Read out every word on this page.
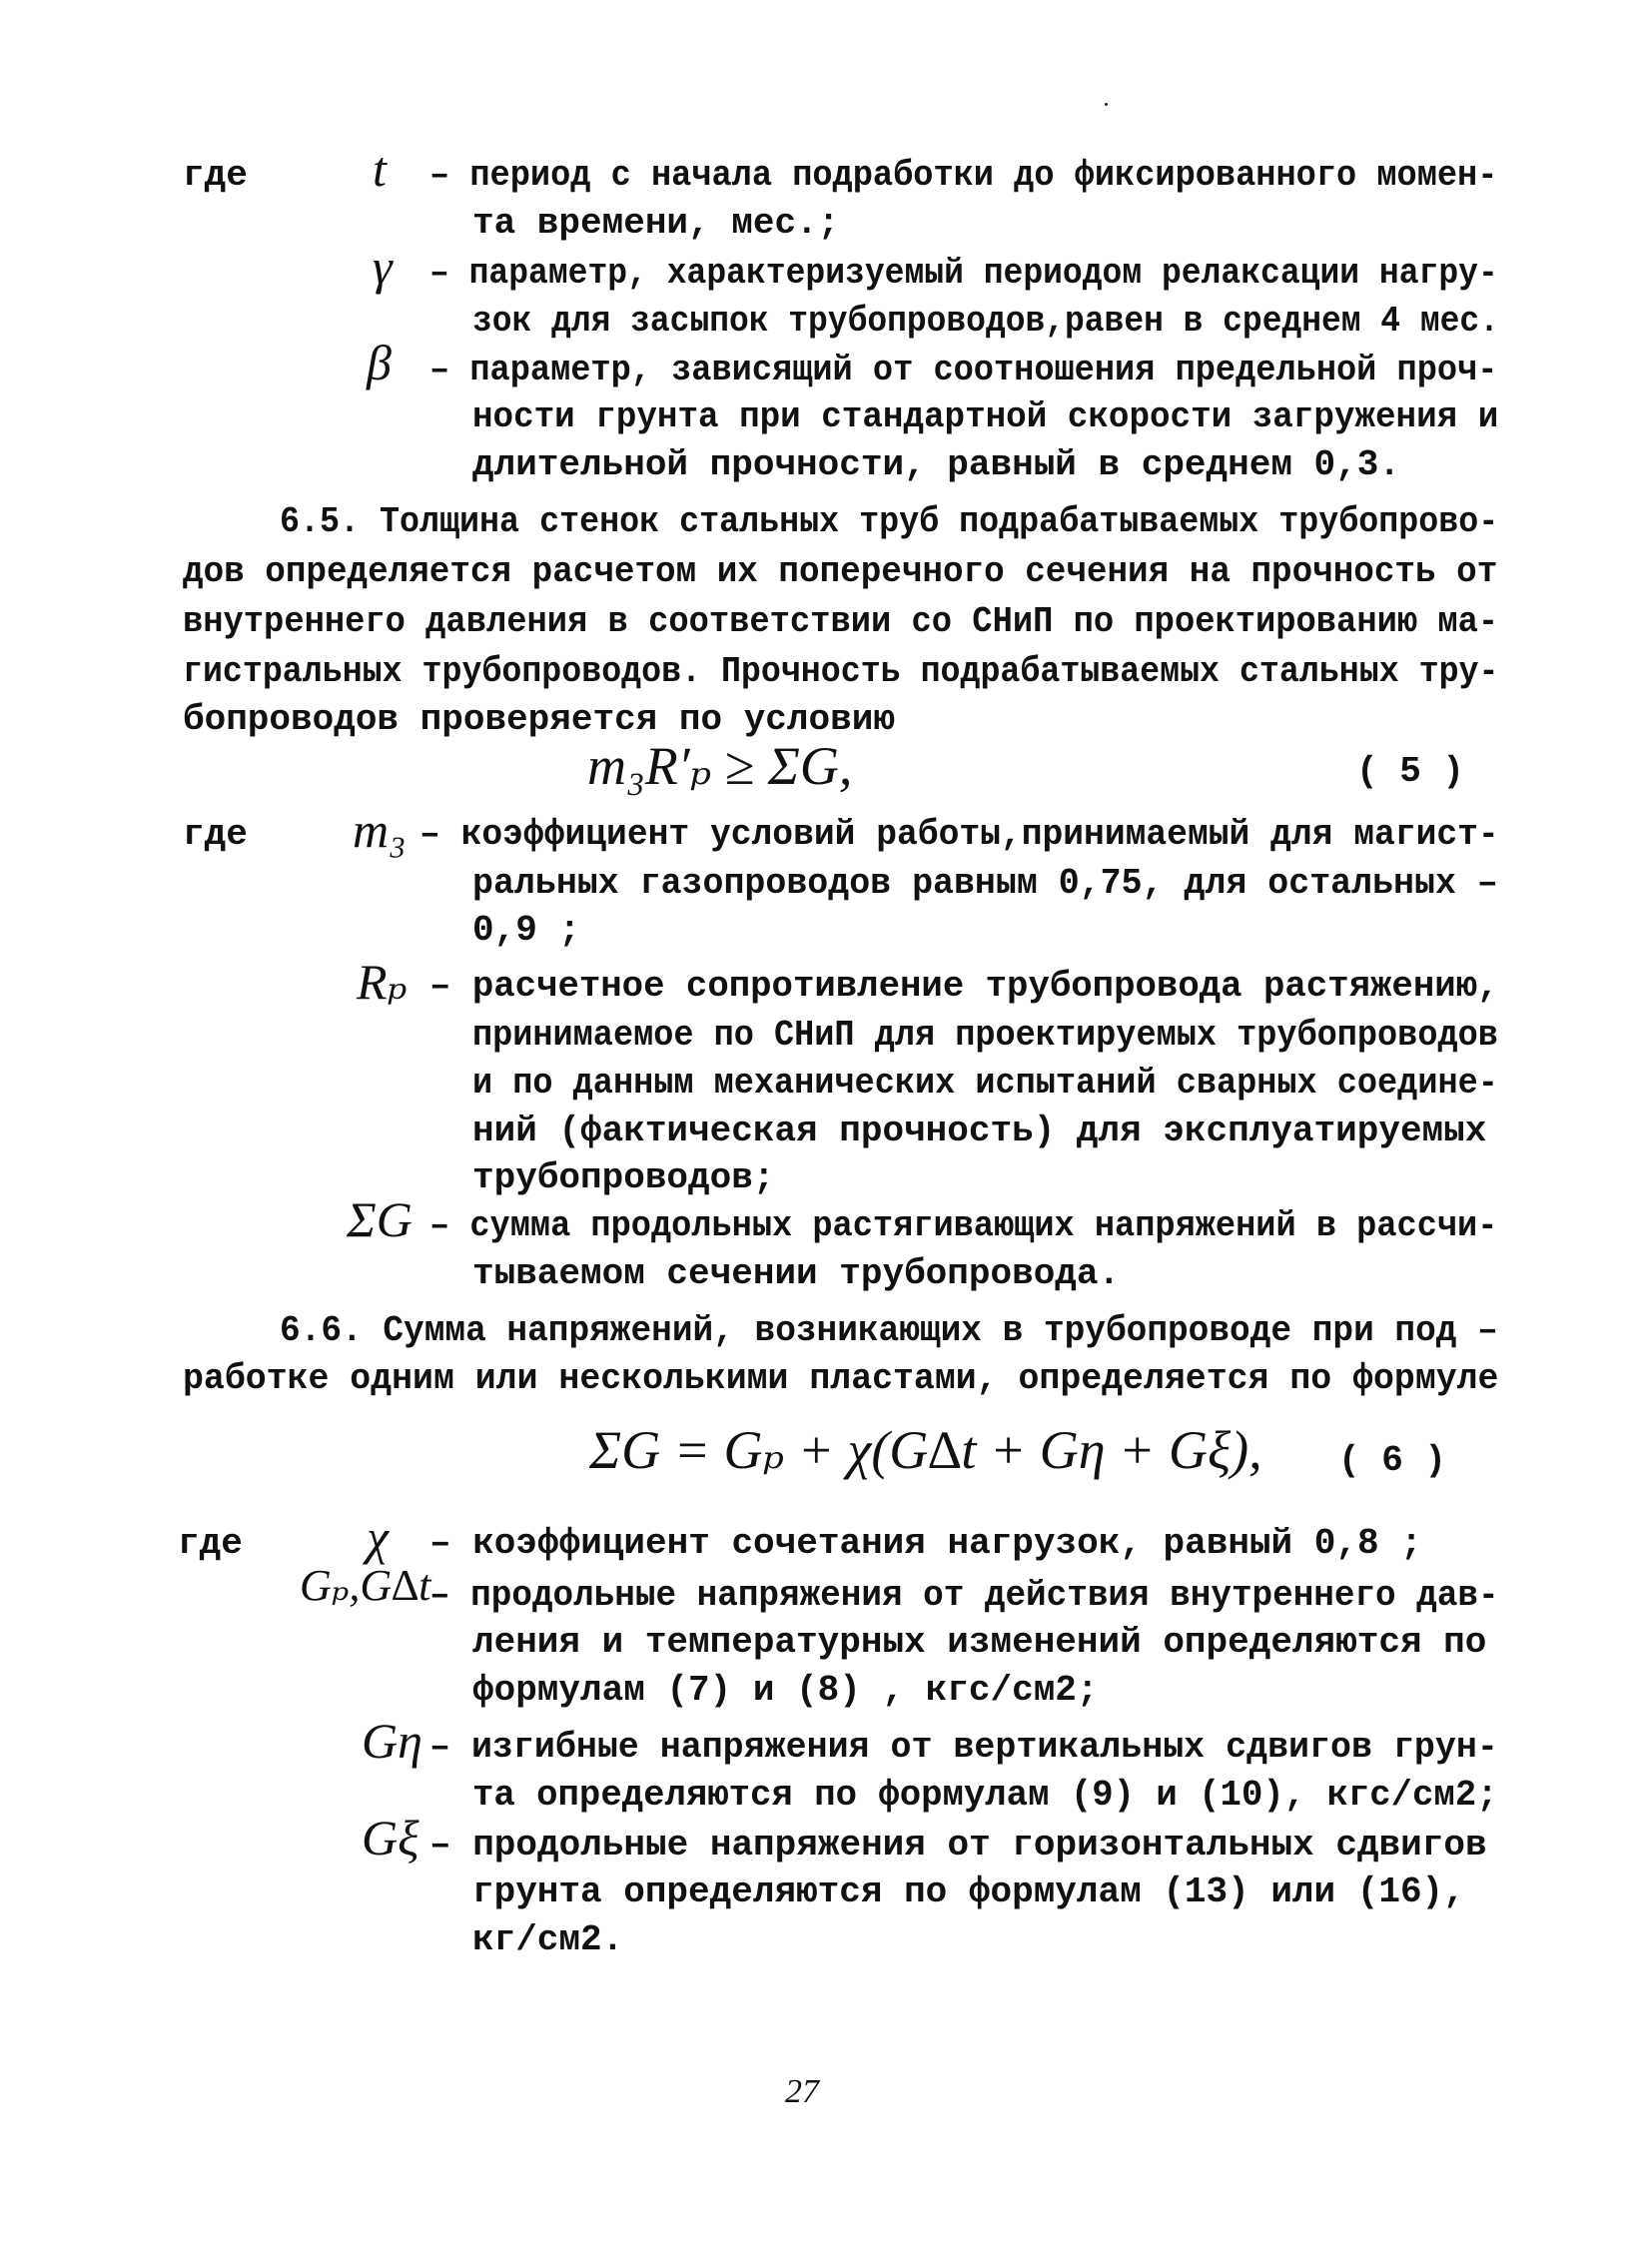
где	t – период с начала подработки до фиксированного момен-
та времени, мес.;
γ – параметр, характеризуемый периодом релаксации нагру-
зок для засыпок трубопроводов,равен в среднем 4 мес.
β – параметр, зависящий от соотношения предельной проч-
ности грунта при стандартной скорости загружения и
длительной прочности, равный в среднем 0,3.
6.5. Толщина стенок стальных труб подрабатываемых трубопрово-
дов определяется расчетом их поперечного сечения на прочность от
внутреннего давления в соответствии со СНиП по проектированию ма-
гистральных трубопроводов. Прочность подрабатываемых стальных тру-
бопроводов проверяется по условию
m₃R′ₚ ≥ ΣG,	( 5 )
где m₃ – коэффициент условий работы,принимаемый для магист-
ральных газопроводов равным 0,75, для остальных –
0,9 ;
Rₚ – расчетное сопротивление трубопровода растяжению,
принимаемое по СНиП для проектируемых трубопроводов
и по данным механических испытаний сварных соедине-
ний (фактическая прочность) для эксплуатируемых
трубопроводов;
ΣG – сумма продольных растягивающих напряжений в рассчи-
тываемом сечении трубопровода.
6.6. Сумма напряжений, возникающих в трубопроводе при под –
работке одним или несколькими пластами, определяется по формуле
ΣG = Gₚ + χ(G∆t + Gη + Gξ), ( 6 )
где χ – коэффициент сочетания нагрузок, равный 0,8 ;
Gₚ,G∆t
– продольные напряжения от действия внутреннего дав-
ления и температурных изменений определяются по
формулам (7) и (8) , кгс/см2;
Gη – изгибные напряжения от вертикальных сдвигов грун-
та определяются по формулам (9) и (10), кгс/см2;
Gξ – продольные напряжения от горизонтальных сдвигов
грунта определяются по формулам (13) или (16),
кг/см2.
27
